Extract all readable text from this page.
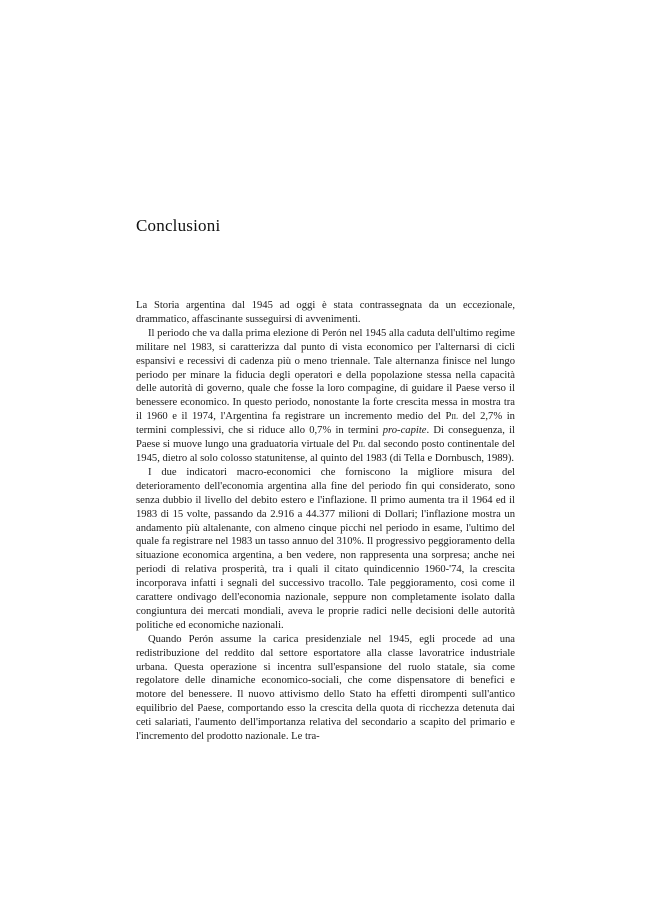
Conclusioni

La Storia argentina dal 1945 ad oggi è stata contrassegnata da un eccezionale, drammatico, affascinante susseguirsi di avvenimenti.

Il periodo che va dalla prima elezione di Perón nel 1945 alla caduta dell'ultimo regime militare nel 1983, si caratterizza dal punto di vista economico per l'alternarsi di cicli espansivi e recessivi di cadenza più o meno triennale. Tale alternanza finisce nel lungo periodo per minare la fiducia degli operatori e della popolazione stessa nella capacità delle autorità di governo, quale che fosse la loro compagine, di guidare il Paese verso il benessere economico. In questo periodo, nonostante la forte crescita messa in mostra tra il 1960 e il 1974, l'Argentina fa registrare un incremento medio del Pil del 2,7% in termini complessivi, che si riduce allo 0,7% in termini pro-capite. Di conseguenza, il Paese si muove lungo una graduatoria virtuale del Pil dal secondo posto continentale del 1945, dietro al solo colosso statunitense, al quinto del 1983 (di Tella e Dornbusch, 1989).

I due indicatori macro-economici che forniscono la migliore misura del deterioramento dell'economia argentina alla fine del periodo fin qui considerato, sono senza dubbio il livello del debito estero e l'inflazione. Il primo aumenta tra il 1964 ed il 1983 di 15 volte, passando da 2.916 a 44.377 milioni di Dollari; l'inflazione mostra un andamento più altalenante, con almeno cinque picchi nel periodo in esame, l'ultimo del quale fa registrare nel 1983 un tasso annuo del 310%. Il progressivo peggioramento della situazione economica argentina, a ben vedere, non rappresenta una sorpresa; anche nei periodi di relativa prosperità, tra i quali il citato quindicennio 1960-'74, la crescita incorporava infatti i segnali del successivo tracollo. Tale peggioramento, così come il carattere ondivago dell'economia nazionale, seppure non completamente isolato dalla congiuntura dei mercati mondiali, aveva le proprie radici nelle decisioni delle autorità politiche ed economiche nazionali.

Quando Perón assume la carica presidenziale nel 1945, egli procede ad una redistribuzione del reddito dal settore esportatore alla classe lavoratrice industriale urbana. Questa operazione si incentra sull'espansione del ruolo statale, sia come regolatore delle dinamiche economico-sociali, che come dispensatore di benefici e motore del benessere. Il nuovo attivismo dello Stato ha effetti dirompenti sull'antico equilibrio del Paese, comportando esso la crescita della quota di ricchezza detenuta dai ceti salariati, l'aumento dell'importanza relativa del secondario a scapito del primario e l'incremento del prodotto nazionale. Le tra-
